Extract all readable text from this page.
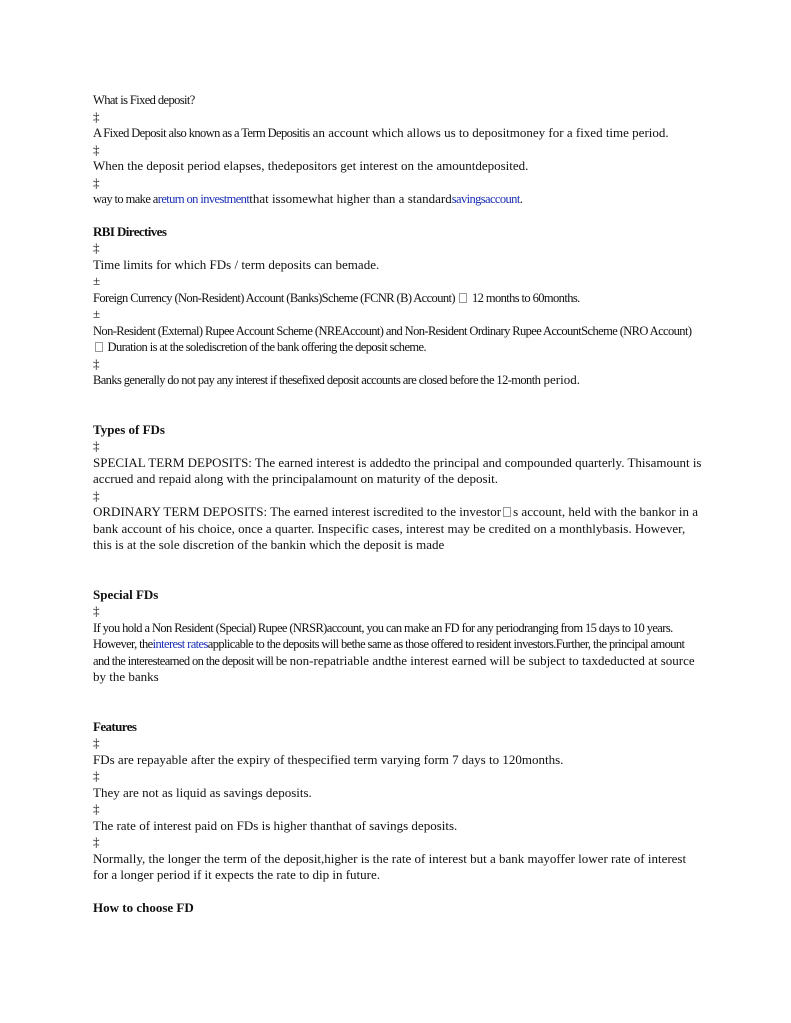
What is Fixed deposit?

‡

A Fixed Deposit also known as a Term Depositis an account which allows us to depositmoney for a fixed time period.

‡

When the deposit period elapses, thedepositors get interest on the amountdeposited.

‡

way to make areturn on investmentthat issomewhat higher than a standardsavingsaccount.

RBI Directives

‡

Time limits for which FDs / term deposits can bemade.

±

Foreign Currency (Non-Resident) Account (Banks)Scheme (FCNR (B) Account) 12 months to 60months.

±

Non-Resident (External) Rupee Account Scheme (NREAccount) and Non-Resident Ordinary Rupee AccountScheme (NRO Account)  Duration is at the solediscretion of the bank offering the deposit scheme.

‡

Banks generally do not pay any interest if thesefixed deposit accounts are closed before the 12-month period.

Types of FDs

‡

SPECIAL TERM DEPOSITS: The earned interest is addedto the principal and compounded quarterly. Thisamount is accrued and repaid along with the principalamount on maturity of the deposit.

‡

ORDINARY TERM DEPOSITS: The earned interest iscredited to the investor s account, held with the bankor in a bank account of his choice, once a quarter. Inspecific cases, interest may be credited on a monthlybasis. However, this is at the sole discretion of the bankin which the deposit is made

Special FDs

‡

If you hold a Non Resident (Special) Rupee (NRSR)account, you can make an FD for any periodranging from 15 days to 10 years. However, theinterest ratesapplicable to the deposits will bethe same as those offered to resident investors.Further, the principal amount and the interestearned on the deposit will be non-repatriable andthe interest earned will be subject to taxdeducted at source by the banks

Features

‡

FDs are repayable after the expiry of thespecified term varying form 7 days to 120months.

‡

They are not as liquid as savings deposits.

‡

The rate of interest paid on FDs is higher thanthat of savings deposits.

‡

Normally, the longer the term of the deposit,higher is the rate of interest but a bank mayoffer lower rate of interest for a longer period if it expects the rate to dip in future.

How to choose FD
